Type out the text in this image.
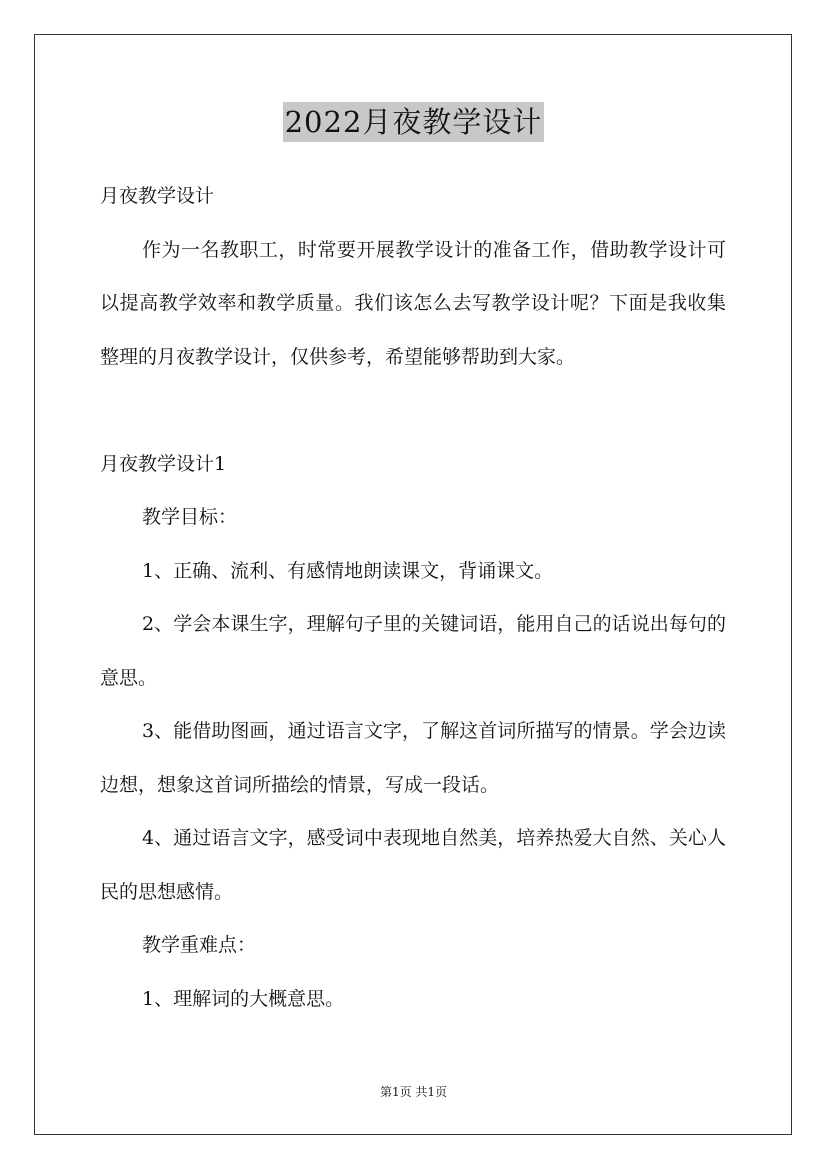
2022月夜教学设计

月夜教学设计

作为一名教职工，时常要开展教学设计的准备工作，借助教学设计可以提高教学效率和教学质量。我们该怎么去写教学设计呢？下面是我收集整理的月夜教学设计，仅供参考，希望能够帮助到大家。

月夜教学设计1

教学目标：

1、正确、流利、有感情地朗读课文，背诵课文。

2、学会本课生字，理解句子里的关键词语，能用自己的话说出每句的意思。

3、能借助图画，通过语言文字，了解这首词所描写的情景。学会边读边想，想象这首词所描绘的情景，写成一段话。

4、通过语言文字，感受词中表现地自然美，培养热爱大自然、关心人民的思想感情。

教学重难点：

1、理解词的大概意思。

第1页 共1页
